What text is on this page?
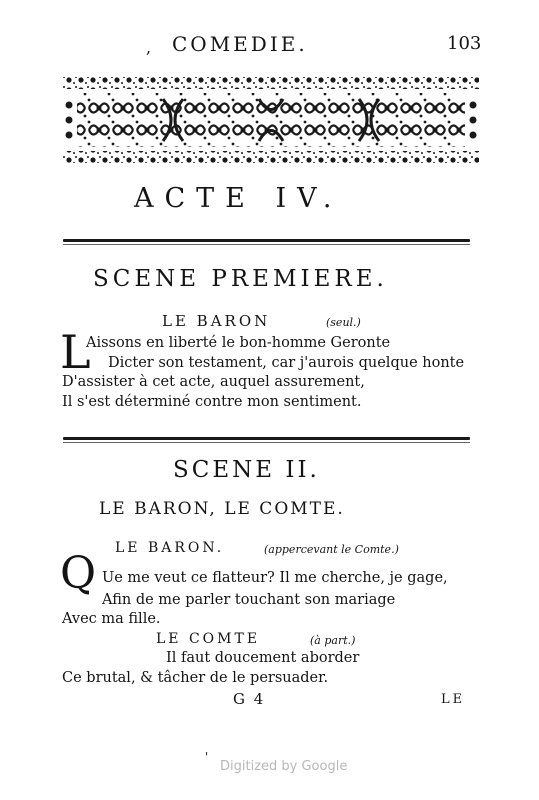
, COMEDIE.	103
ACTE IV.
SCENE PREMIERE.
LE BARON	(seul.)
L
Aissons en liberté le bon-homme Geronte
Dicter son testament, car j'aurois quelque honte
D'assister à cet acte, auquel assurement,
Il s'est déterminé contre mon sentiment.
SCENE II.
LE BARON, LE COMTE.
LE BARON.	(appercevant le Comte.)
Q Ue me veut ce flatteur? Il me cherche, je gage,
Afin de me parler touchant son mariage
Avec ma fille.
LE COMTE	(à part.)
Il faut doucement aborder
Ce brutal, & tâcher de le persuader.
G 4	LE
'
Digitized by Google
